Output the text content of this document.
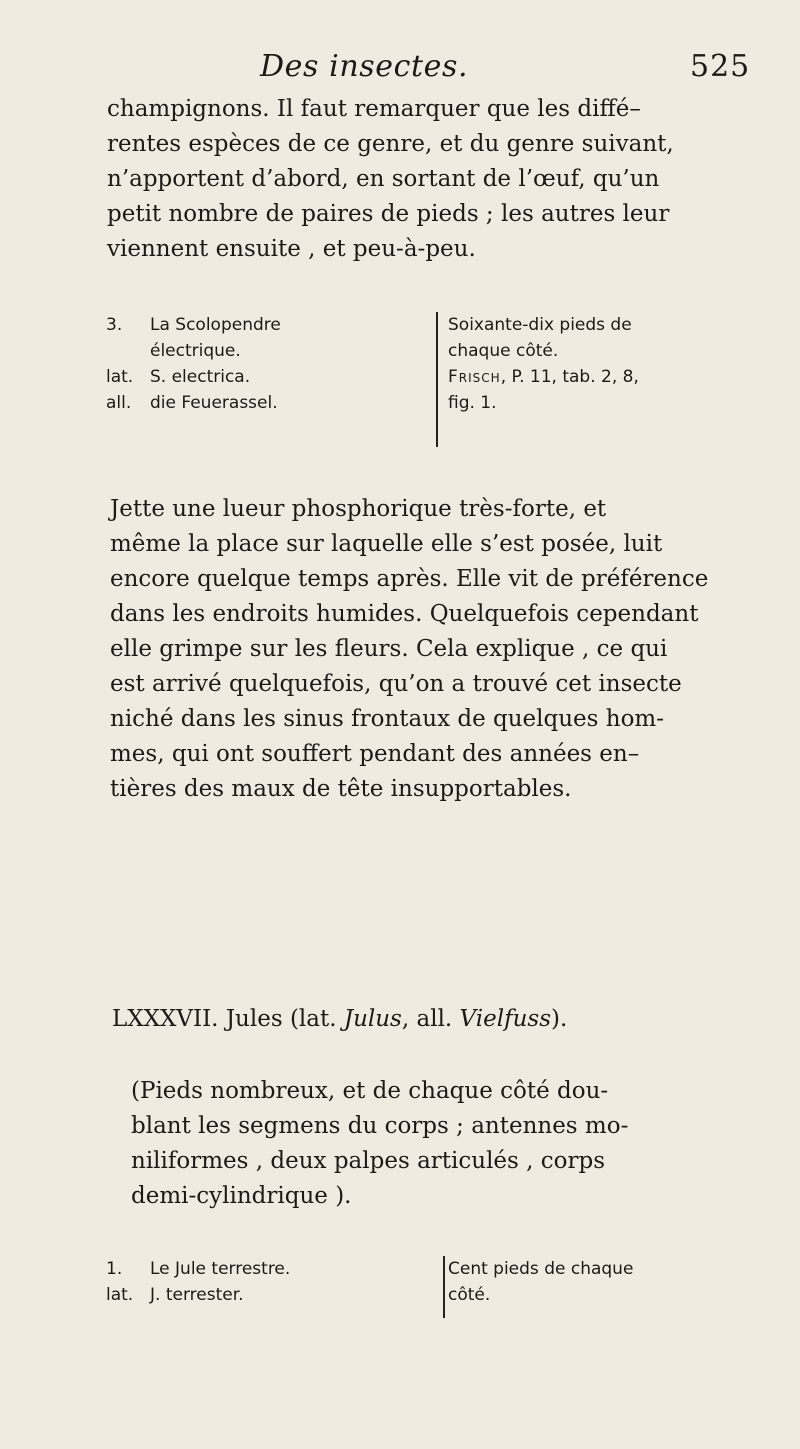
Des insectes.	525
champignons. Il faut remarquer que les diffé–
rentes espèces de ce genre, et du genre suivant,
n’apportent d’abord, en sortant de l’œuf, qu’un
petit nombre de paires de pieds ; les autres leur
viennent ensuite , et peu-à-peu.
3. La Scolopendre
électrique.
lat. S. electrica.
all. die Feuerassel.
Soixante-dix pieds de
chaque côté.
Frisch, P. 11, tab. 2, 8,
fig. 1.
Jette une lueur phosphorique très-forte, et
même la place sur laquelle elle s’est posée, luit
encore quelque temps après. Elle vit de préférence
dans les endroits humides. Quelquefois cependant
elle grimpe sur les fleurs. Cela explique , ce qui
est arrivé quelquefois, qu’on a trouvé cet insecte
niché dans les sinus frontaux de quelques hom-
mes, qui ont souffert pendant des années en–
tières des maux de tête insupportables.
LXXXVII. Jules (lat. Julus, all. Vielfuss).
(Pieds nombreux, et de chaque côté dou-
blant les segmens du corps ; antennes mo-
niliformes , deux palpes articulés , corps
demi-cylindrique ).
1. Le Jule terrestre.
lat. J. terrester.
Cent pieds de chaque
côté.
